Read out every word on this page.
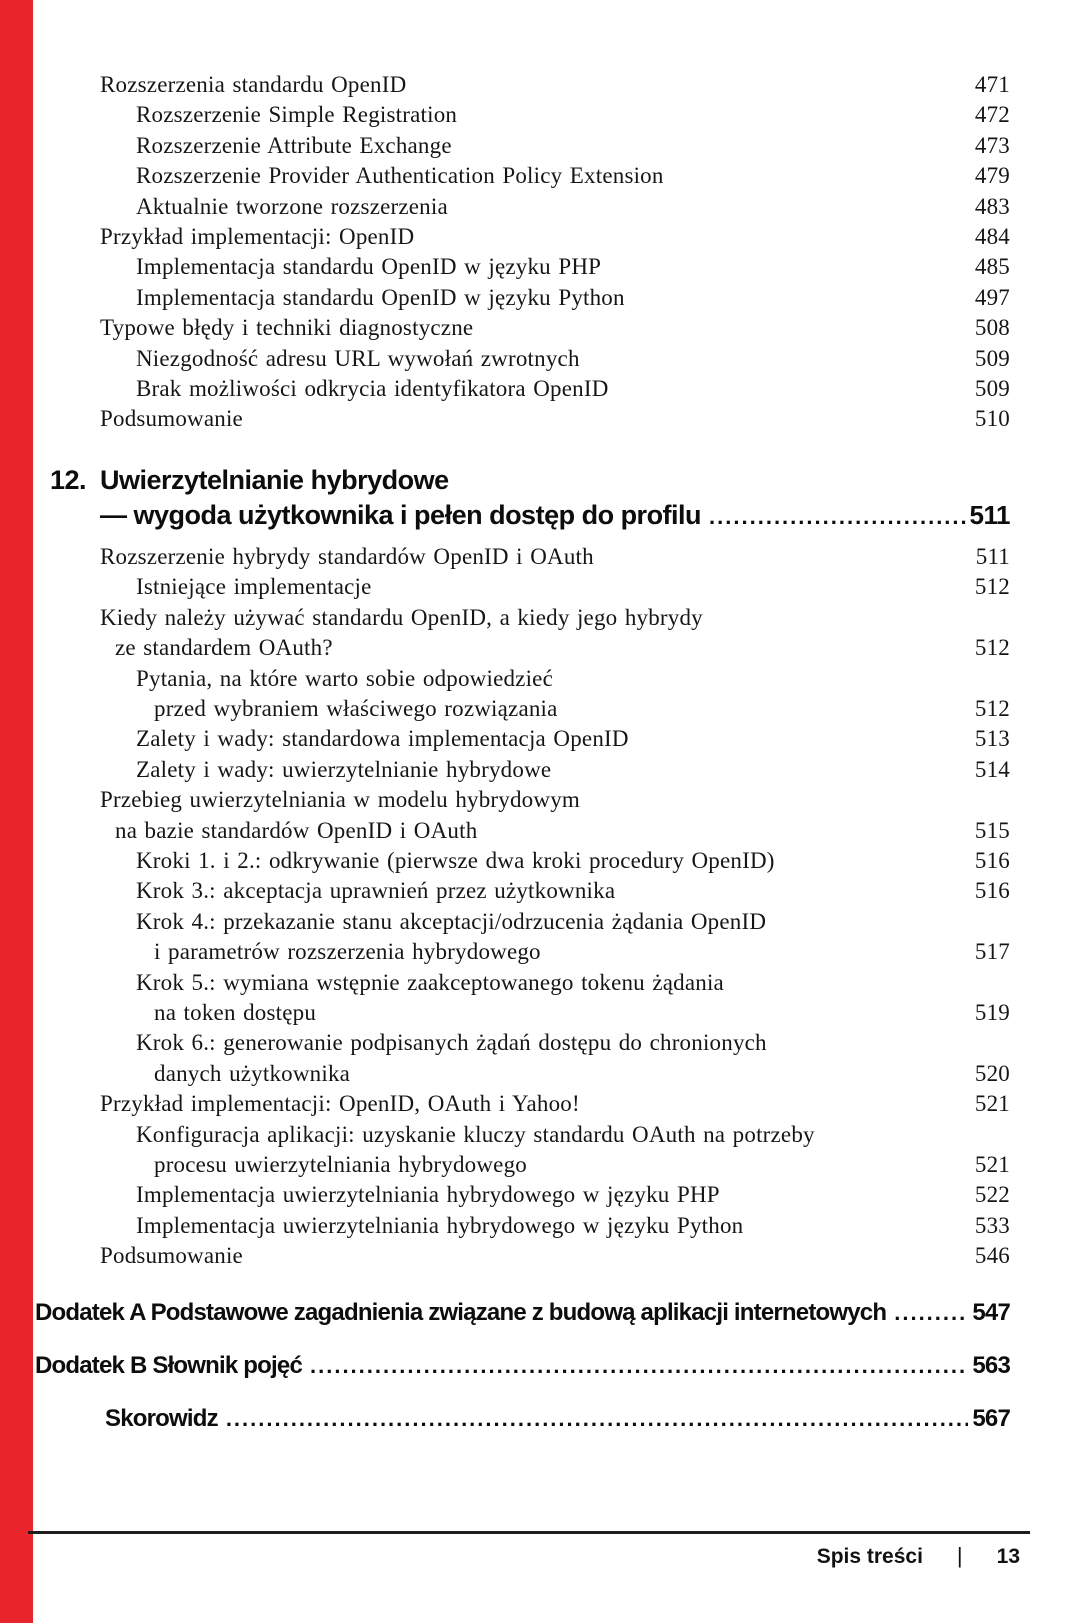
Rozszerzenia standardu OpenID	471
Rozszerzenie Simple Registration	472
Rozszerzenie Attribute Exchange	473
Rozszerzenie Provider Authentication Policy Extension	479
Aktualnie tworzone rozszerzenia	483
Przykład implementacji: OpenID	484
Implementacja standardu OpenID w języku PHP	485
Implementacja standardu OpenID w języku Python	497
Typowe błędy i techniki diagnostyczne	508
Niezgodność adresu URL wywołań zwrotnych	509
Brak możliwości odkrycia identyfikatora OpenID	509
Podsumowanie	510
12. Uwierzytelnianie hybrydowe
— wygoda użytkownika i pełen dostęp do profilu .....	511
Rozszerzenie hybrydy standardów OpenID i OAuth	511
Istniejące implementacje	512
Kiedy należy używać standardu OpenID, a kiedy jego hybrydy
ze standardem OAuth?	512
Pytania, na które warto sobie odpowiedzieć
przed wybraniem właściwego rozwiązania	512
Zalety i wady: standardowa implementacja OpenID	513
Zalety i wady: uwierzytelnianie hybrydowe	514
Przebieg uwierzytelniania w modelu hybrydowym
na bazie standardów OpenID i OAuth	515
Kroki 1. i 2.: odkrywanie (pierwsze dwa kroki procedury OpenID)	516
Krok 3.: akceptacja uprawnień przez użytkownika	516
Krok 4.: przekazanie stanu akceptacji/odrzucenia żądania OpenID
i parametrów rozszerzenia hybrydowego	517
Krok 5.: wymiana wstępnie zaakceptowanego tokenu żądania
na token dostępu	519
Krok 6.: generowanie podpisanych żądań dostępu do chronionych
danych użytkownika	520
Przykład implementacji: OpenID, OAuth i Yahoo!	521
Konfiguracja aplikacji: uzyskanie kluczy standardu OAuth na potrzeby
procesu uwierzytelniania hybrydowego	521
Implementacja uwierzytelniania hybrydowego w języku PHP	522
Implementacja uwierzytelniania hybrydowego w języku Python	533
Podsumowanie	546
Dodatek A Podstawowe zagadnienia związane z budową aplikacji internetowych .....	547
Dodatek B Słownik pojęć .....	563
Skorowidz .....	567
Spis treści | 13
